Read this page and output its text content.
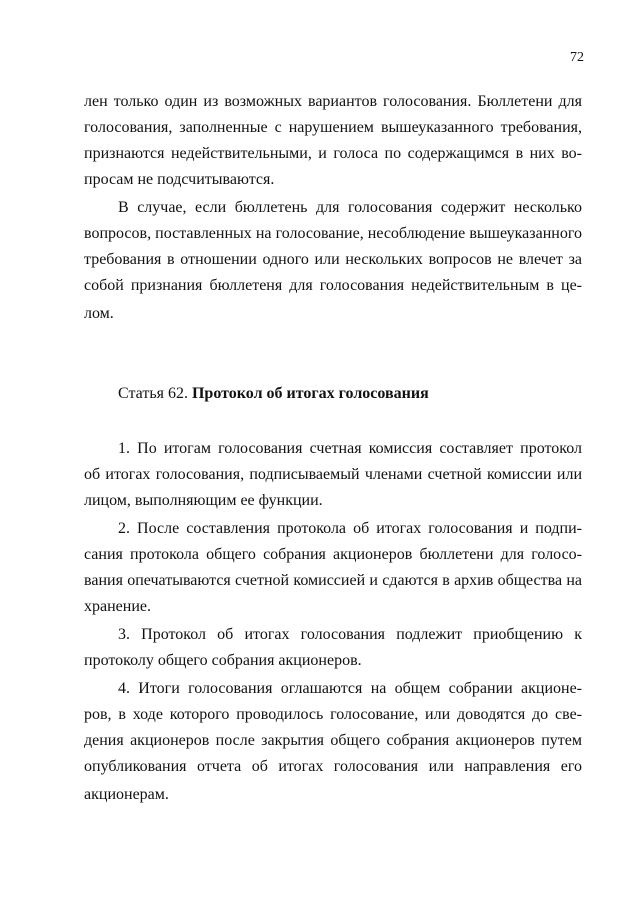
72
лен только один из возможных вариантов голосования. Бюллетени для
голосования, заполненные с нарушением вышеуказанного требования,
признаются недействительными, и голоса по содержащимся в них во-
просам не подсчитываются.
В случае, если бюллетень для голосования содержит несколько
вопросов, поставленных на голосование, несоблюдение вышеуказанного
требования в отношении одного или нескольких вопросов не влечет за
собой признания бюллетеня для голосования недействительным в це-
лом.
Статья 62. Протокол об итогах голосования
1. По итогам голосования счетная комиссия составляет протокол
об итогах голосования, подписываемый членами счетной комиссии или
лицом, выполняющим ее функции.
2. После составления протокола об итогах голосования и подпи-
сания протокола общего собрания акционеров бюллетени для голосо-
вания опечатываются счетной комиссией и сдаются в архив общества на
хранение.
3. Протокол об итогах голосования подлежит приобщению к
протоколу общего собрания акционеров.
4. Итоги голосования оглашаются на общем собрании акционе-
ров, в ходе которого проводилось голосование, или доводятся до све-
дения акционеров после закрытия общего собрания акционеров путем
опубликования отчета об итогах голосования или направления его
акционерам.
